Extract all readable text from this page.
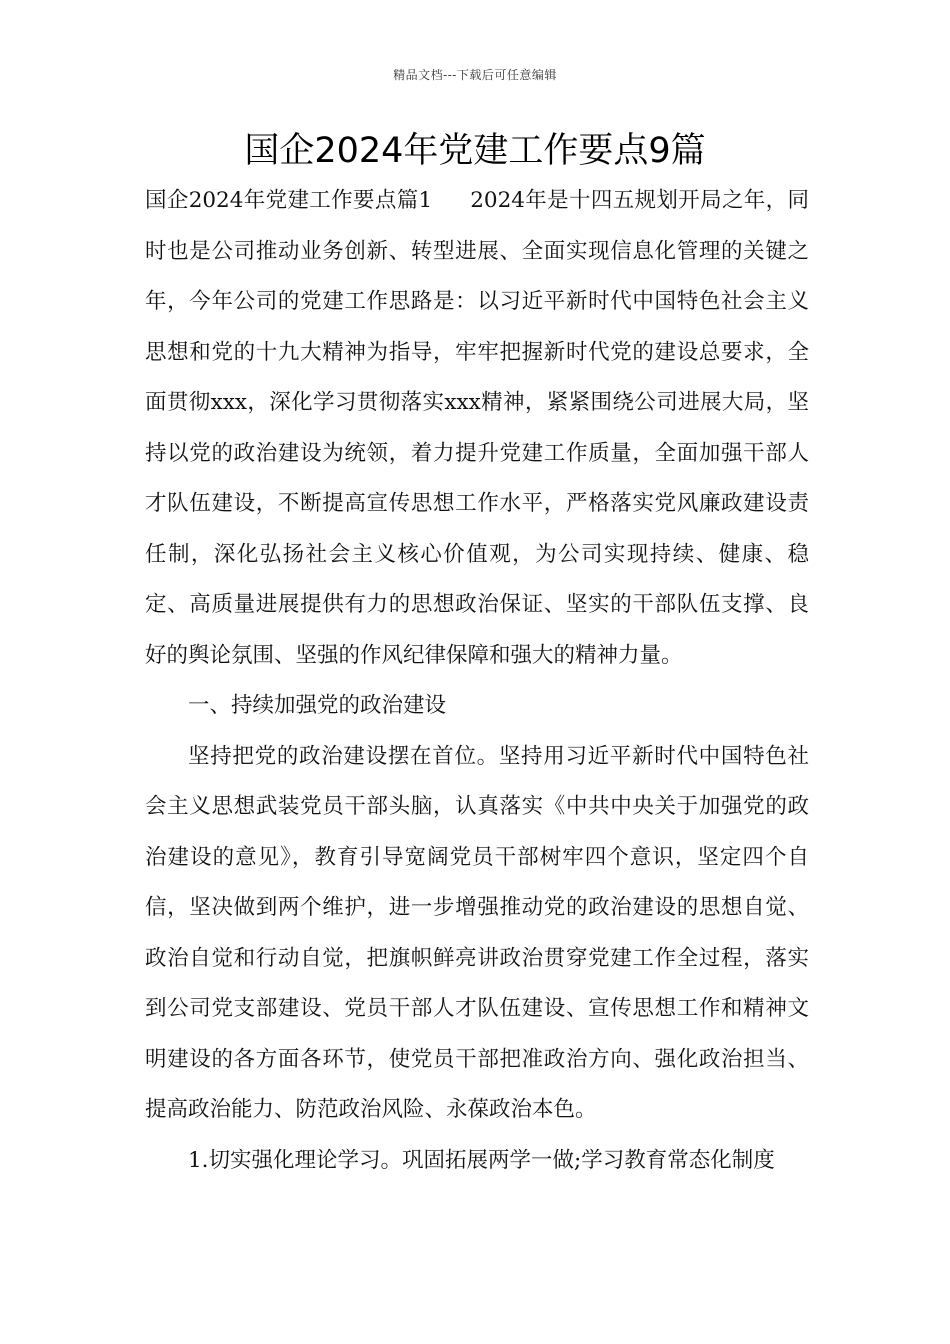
精品文档---下载后可任意编辑
国企2024年党建工作要点9篇

国企2024年党建工作要点篇1 2024年是十四五规划开局之年，同时也是公司推动业务创新、转型进展、全面实现信息化管理的关键之年，今年公司的党建工作思路是：以习近平新时代中国特色社会主义思想和党的十九大精神为指导，牢牢把握新时代党的建设总要求，全面贯彻xxx，深化学习贯彻落实xxx精神，紧紧围绕公司进展大局，坚持以党的政治建设为统领，着力提升党建工作质量，全面加强干部人才队伍建设，不断提高宣传思想工作水平，严格落实党风廉政建设责任制，深化弘扬社会主义核心价值观，为公司实现持续、健康、稳定、高质量进展提供有力的思想政治保证、坚实的干部队伍支撑、良好的舆论氛围、坚强的作风纪律保障和强大的精神力量。

一、持续加强党的政治建设

坚持把党的政治建设摆在首位。坚持用习近平新时代中国特色社会主义思想武装党员干部头脑，认真落实《中共中央关于加强党的政治建设的意见》，教育引导宽阔党员干部树牢四个意识，坚定四个自信，坚决做到两个维护，进一步增强推动党的政治建设的思想自觉、政治自觉和行动自觉，把旗帜鲜亮讲政治贯穿党建工作全过程，落实到公司党支部建设、党员干部人才队伍建设、宣传思想工作和精神文明建设的各方面各环节，使党员干部把准政治方向、强化政治担当、提高政治能力、防范政治风险、永葆政治本色。

1.切实强化理论学习。巩固拓展两学一做;学习教育常态化制度
